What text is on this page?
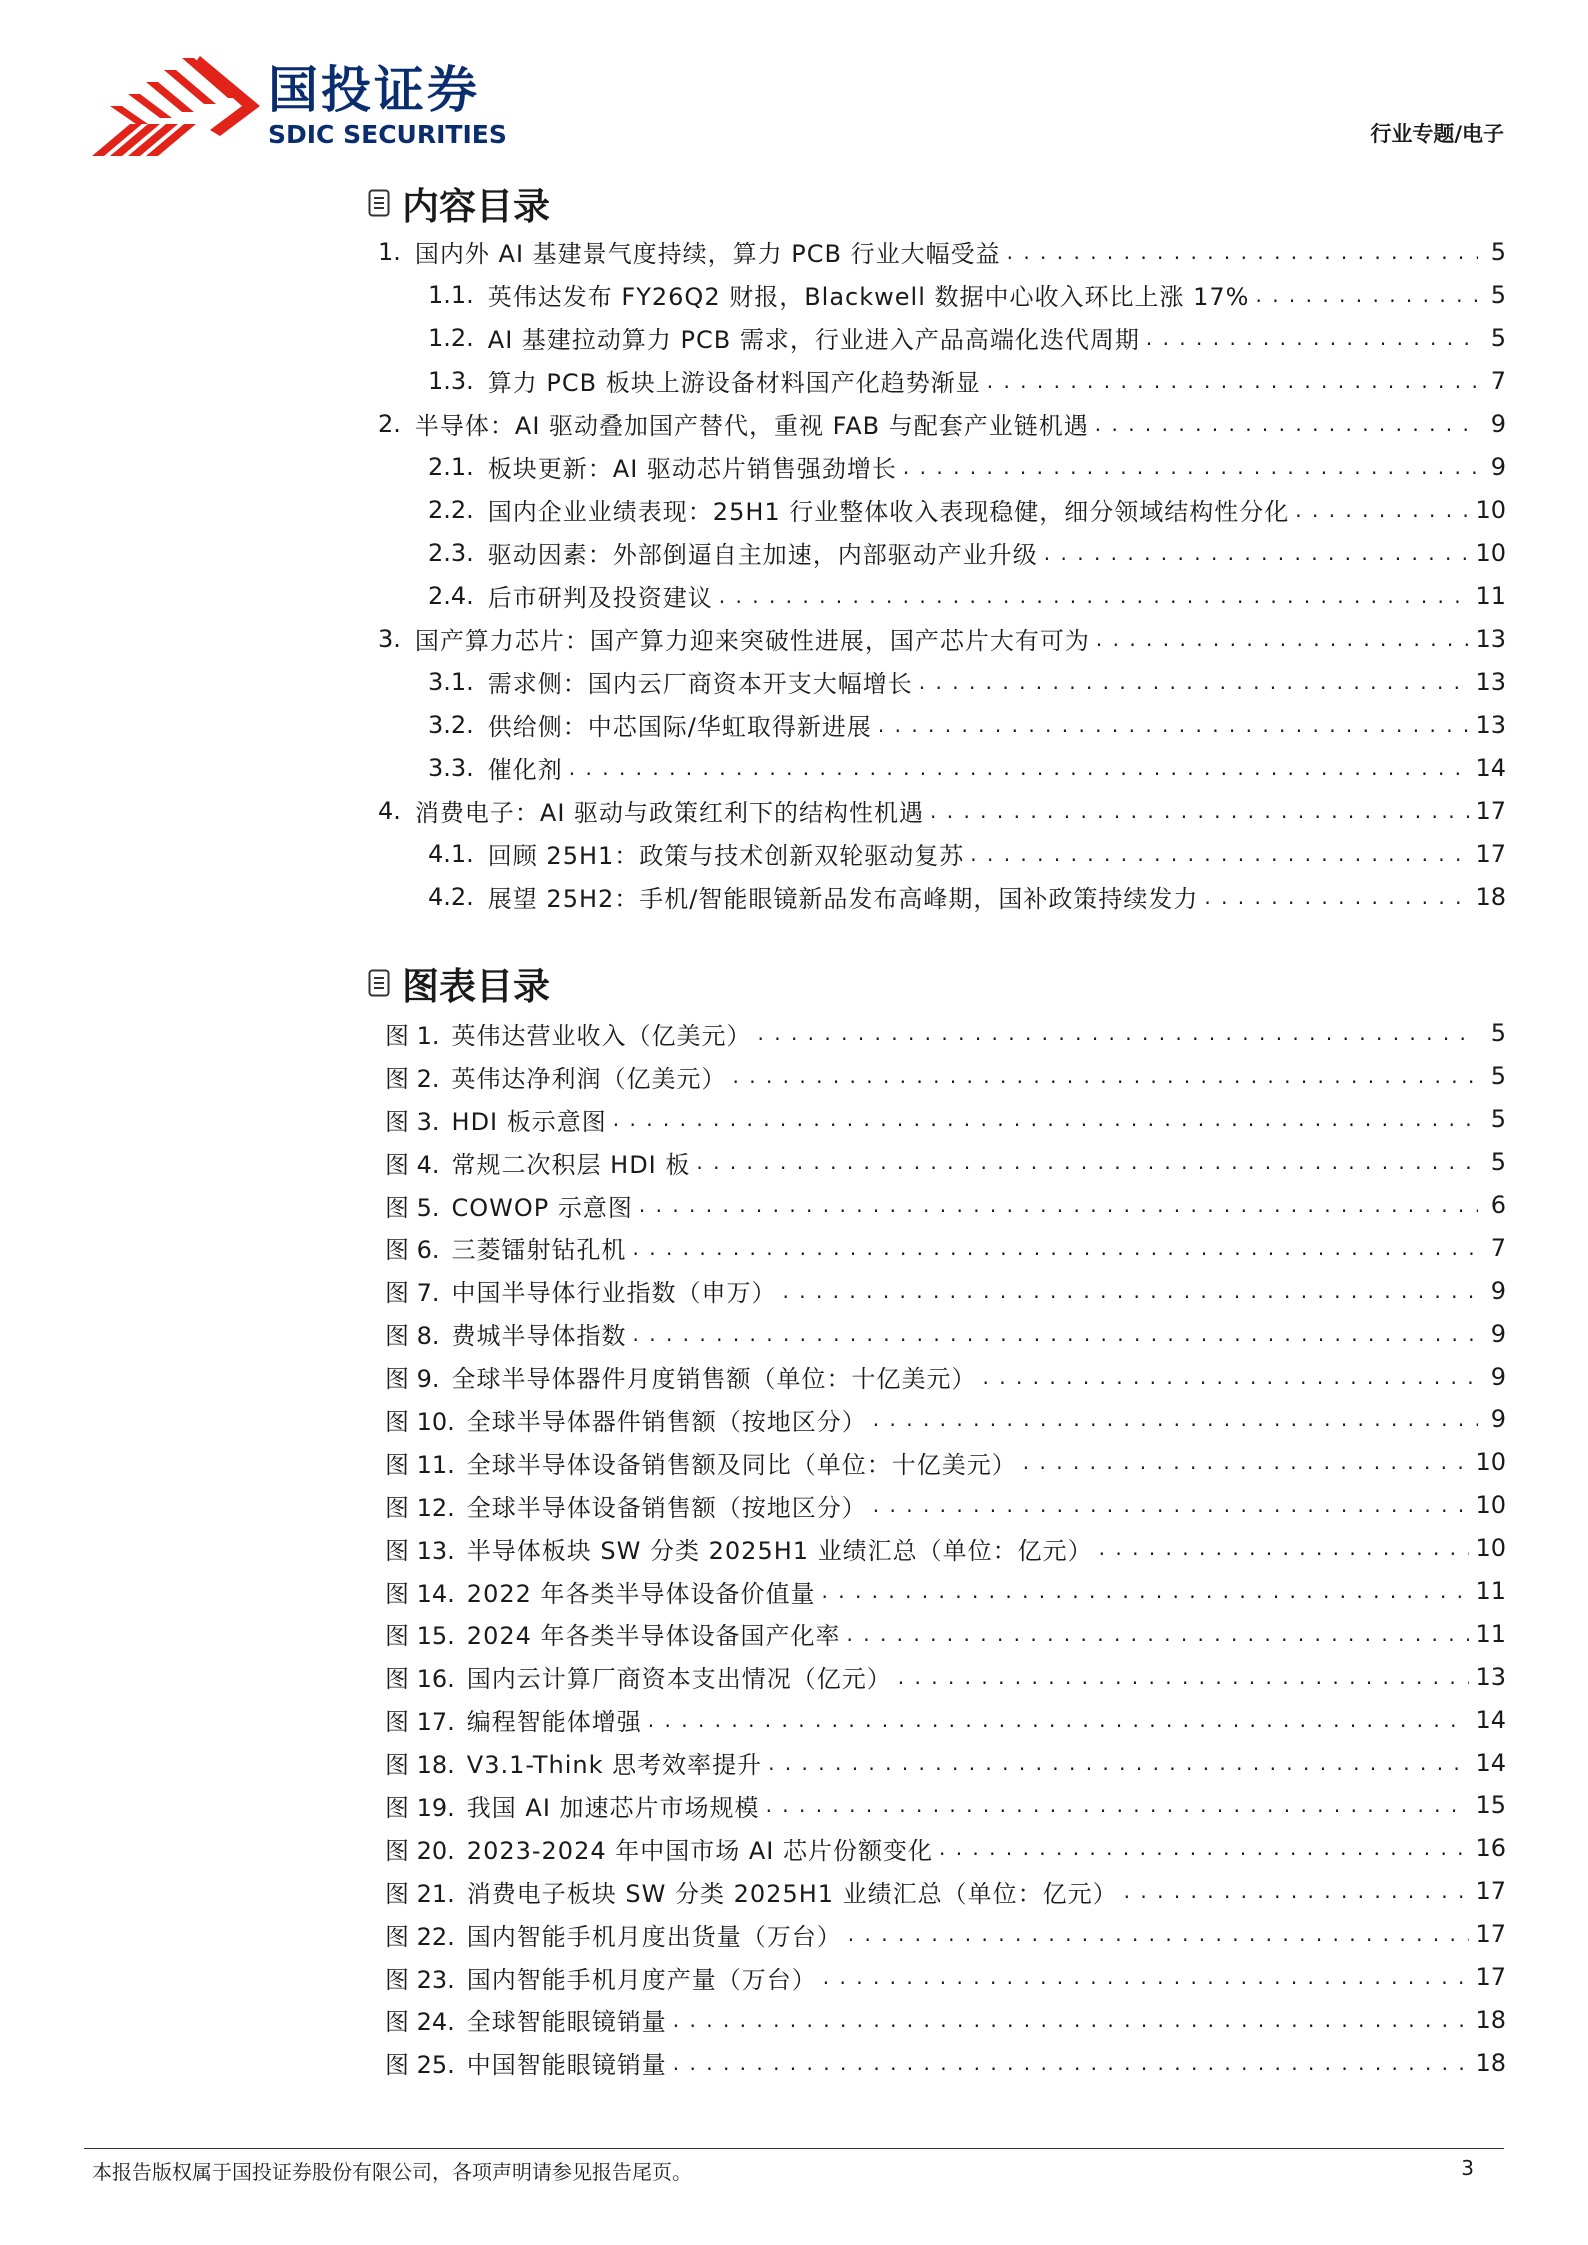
国投证券
SDIC SECURITIES	行业专题/电子
内容目录
1. 国内外 AI 基建景气度持续，算力 PCB 行业大幅受益 . . .	5
1.1. 英伟达发布 FY26Q2 财报，Blackwell 数据中心收入环比上涨 17% . . .	5
1.2. AI 基建拉动算力 PCB 需求，行业进入产品高端化迭代周期 . . .	5
1.3. 算力 PCB 板块上游设备材料国产化趋势渐显 . . .	7
2. 半导体：AI 驱动叠加国产替代，重视 FAB 与配套产业链机遇 . . .	9
2.1. 板块更新：AI 驱动芯片销售强劲增长 . . .	9
2.2. 国内企业业绩表现：25H1 行业整体收入表现稳健，细分领域结构性分化 . . .	10
2.3. 驱动因素：外部倒逼自主加速，内部驱动产业升级 . . .	10
2.4. 后市研判及投资建议 . . .	11
3. 国产算力芯片：国产算力迎来突破性进展，国产芯片大有可为 . . .	13
3.1. 需求侧：国内云厂商资本开支大幅增长 . . .	13
3.2. 供给侧：中芯国际/华虹取得新进展 . . .	13
3.3. 催化剂 . . .	14
4. 消费电子：AI 驱动与政策红利下的结构性机遇 . . .	17
4.1. 回顾 25H1：政策与技术创新双轮驱动复苏 . . .	17
4.2. 展望 25H2：手机/智能眼镜新品发布高峰期，国补政策持续发力 . . .	18
图表目录
图 1. 英伟达营业收入（亿美元） . . .	5
图 2. 英伟达净利润（亿美元） . . .	5
图 3. HDI 板示意图 . . .	5
图 4. 常规二次积层 HDI 板 . . .	5
图 5. COWOP 示意图 . . .	6
图 6. 三菱镭射钻孔机 . . .	7
图 7. 中国半导体行业指数（申万） . . .	9
图 8. 费城半导体指数 . . .	9
图 9. 全球半导体器件月度销售额（单位：十亿美元） . . .	9
图 10. 全球半导体器件销售额（按地区分） . . .	9
图 11. 全球半导体设备销售额及同比（单位：十亿美元） . . .	10
图 12. 全球半导体设备销售额（按地区分） . . .	10
图 13. 半导体板块 SW 分类 2025H1 业绩汇总（单位：亿元） . . .	10
图 14. 2022 年各类半导体设备价值量 . . .	11
图 15. 2024 年各类半导体设备国产化率 . . .	11
图 16. 国内云计算厂商资本支出情况（亿元） . . .	13
图 17. 编程智能体增强 . . .	14
图 18. V3.1-Think 思考效率提升 . . .	14
图 19. 我国 AI 加速芯片市场规模 . . .	15
图 20. 2023-2024 年中国市场 AI 芯片份额变化 . . .	16
图 21. 消费电子板块 SW 分类 2025H1 业绩汇总（单位：亿元） . . .	17
图 22. 国内智能手机月度出货量（万台） . . .	17
图 23. 国内智能手机月度产量（万台） . . .	17
图 24. 全球智能眼镜销量 . . .	18
图 25. 中国智能眼镜销量 . . .	18
本报告版权属于国投证券股份有限公司，各项声明请参见报告尾页。	3
